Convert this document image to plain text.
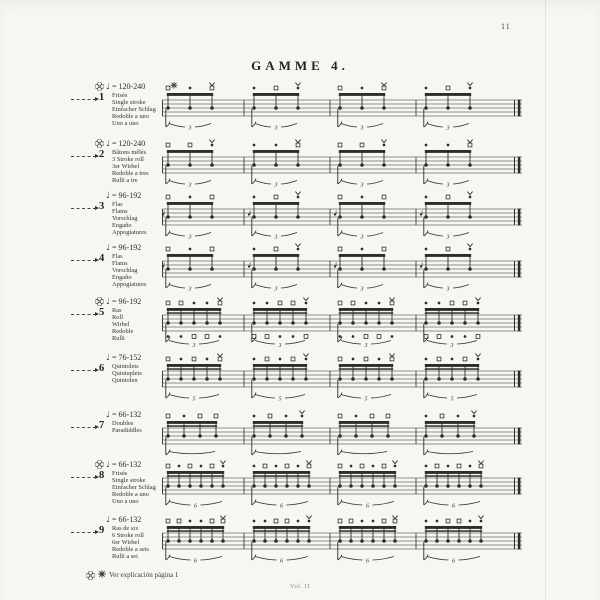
11
GAMME 4.
♩ = 120-240
Frisés
Single stroke
Einfacher Schlag
Redoble a uno
Uno a uno
1
3	3	3	3
♩ = 120-240
Bâtons mêlés
3 Stroke roll
3er Wirbel
Redoble a tres
Rulli a tre
2
3	3	3	3
♩ = 96-192
Flas
Flams
Vorschlag
Engaño
Appogiatures
3
3	3	3	3
♩ = 96-192
Flas
Flams
Vorschlag
Engaño
Appogiatures
4
3	3	3	3
♩ = 96-192
Ras
Roll
Wirbel
Redoble
Rulli
5
3	3	3	3
♩ = 76-152
Quintolets
Quintuplets
Quintolen
6
5	5	5	5
♩ = 66-132
Doubles
Paradiddles
7
♩ = 66-132
Frisés
Single stroke
Einfacher Schlag
Redoble a uno
Uno a uno
8
6	6	6	6
♩ = 66-132
Ras de six
6 Stroke roll
6er Wirbel
Redoble a seis
Rulli a sei
9
6	6	6	6
Ver explicación página 1
Vol. II
